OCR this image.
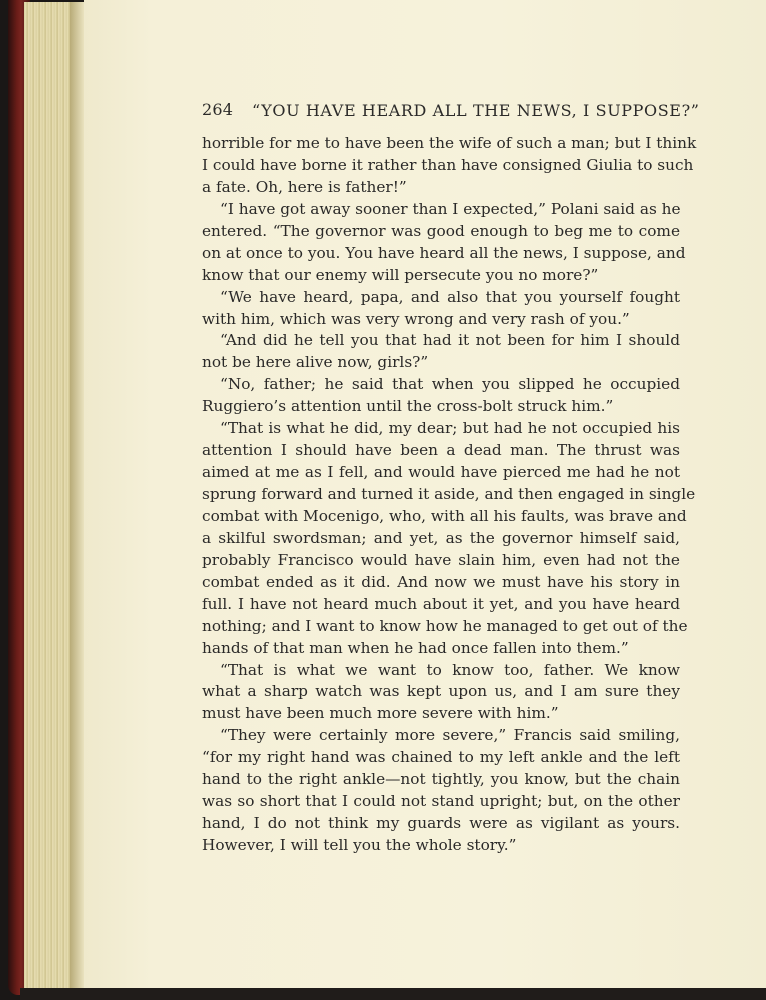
264 “YOU HAVE HEARD ALL THE NEWS, I SUPPOSE?”
horrible for me to have been the wife of such a man; but I think
I could have borne it rather than have consigned Giulia to such
a fate. Oh, here is father!”
“I have got away sooner than I expected,” Polani said as he
entered. “The governor was good enough to beg me to come
on at once to you. You have heard all the news, I suppose, and
know that our enemy will persecute you no more?”
“We have heard, papa, and also that you yourself fought
with him, which was very wrong and very rash of you.”
“And did he tell you that had it not been for him I should
not be here alive now, girls?”
“No, father; he said that when you slipped he occupied
Ruggiero’s attention until the cross-bolt struck him.”
“That is what he did, my dear; but had he not occupied his
attention I should have been a dead man. The thrust was
aimed at me as I fell, and would have pierced me had he not
sprung forward and turned it aside, and then engaged in single
combat with Mocenigo, who, with all his faults, was brave and
a skilful swordsman; and yet, as the governor himself said,
probably Francisco would have slain him, even had not the
combat ended as it did. And now we must have his story in
full. I have not heard much about it yet, and you have heard
nothing; and I want to know how he managed to get out of the
hands of that man when he had once fallen into them.”
“That is what we want to know too, father. We know
what a sharp watch was kept upon us, and I am sure they
must have been much more severe with him.”
“They were certainly more severe,” Francis said smiling,
“for my right hand was chained to my left ankle and the left
hand to the right ankle—not tightly, you know, but the chain
was so short that I could not stand upright; but, on the other
hand, I do not think my guards were as vigilant as yours.
However, I will tell you the whole story.”
